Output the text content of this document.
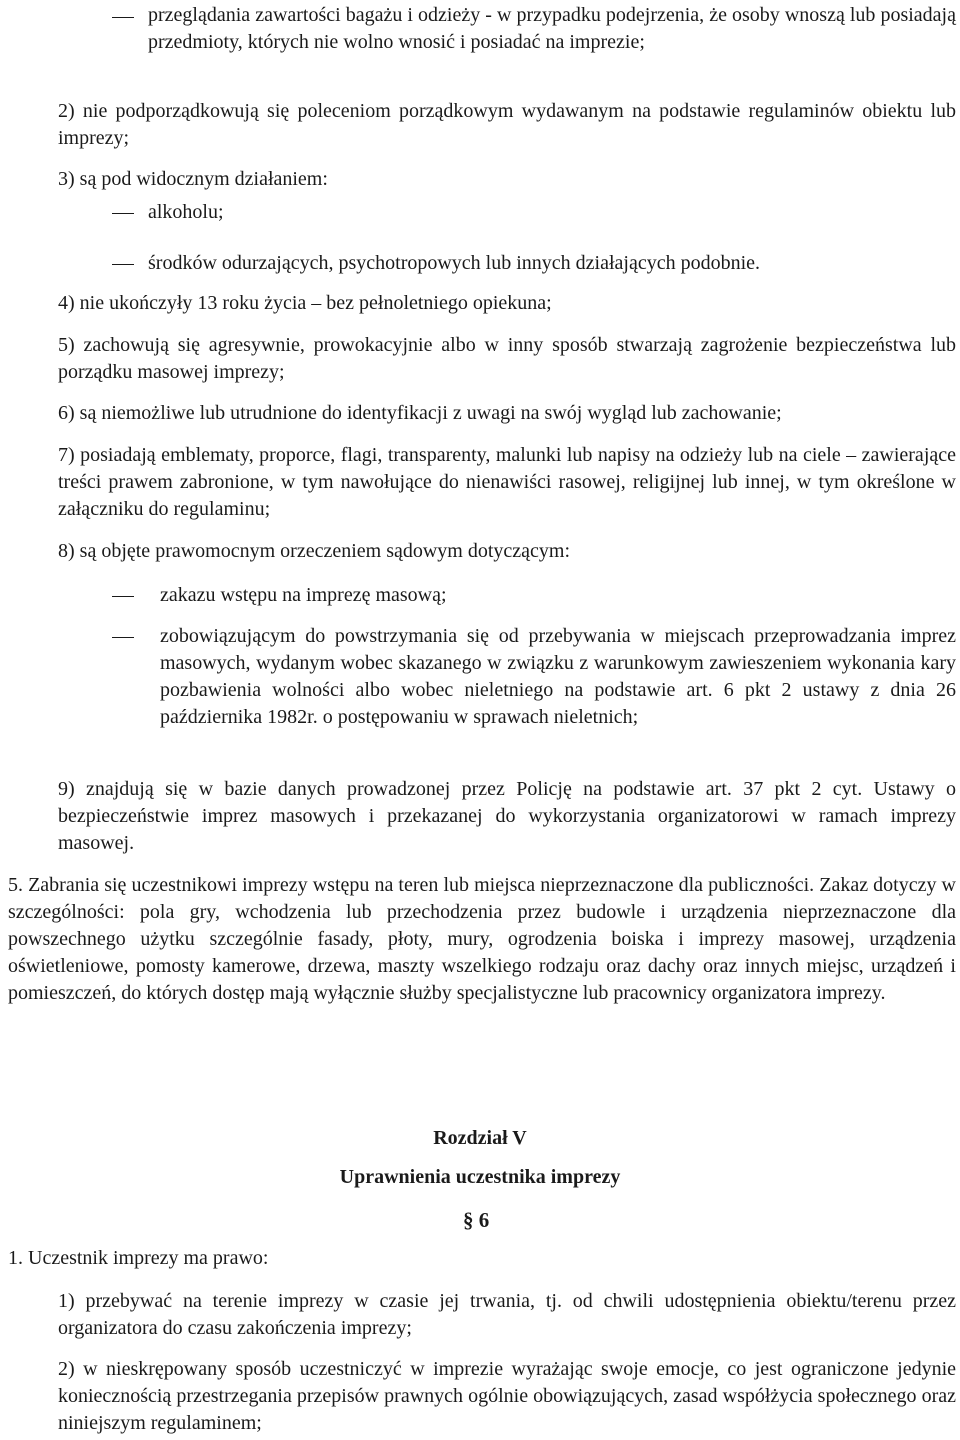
przeglądania zawartości bagażu i odzieży - w przypadku podejrzenia, że osoby wnoszą lub posiadają przedmioty, których nie wolno wnosić i posiadać na imprezie;
2) nie podporządkowują się poleceniom porządkowym wydawanym na podstawie regulaminów obiektu lub imprezy;
3) są pod widocznym działaniem:
alkoholu;
środków odurzających, psychotropowych lub innych działających podobnie.
4) nie ukończyły 13 roku życia – bez pełnoletniego opiekuna;
5) zachowują się agresywnie, prowokacyjnie albo w inny sposób stwarzają zagrożenie bezpieczeństwa lub porządku masowej imprezy;
6) są niemożliwe lub utrudnione do identyfikacji z uwagi na swój wygląd lub zachowanie;
7) posiadają emblematy, proporce, flagi, transparenty, malunki lub napisy na odzieży lub na ciele – zawierające treści prawem zabronione, w tym nawołujące do nienawiści rasowej, religijnej lub innej, w tym określone w załączniku do regulaminu;
8) są objęte prawomocnym orzeczeniem sądowym dotyczącym:
zakazu wstępu na imprezę masową;
zobowiązującym do powstrzymania się od przebywania w miejscach przeprowadzania imprez masowych, wydanym wobec skazanego w związku z warunkowym zawieszeniem wykonania kary pozbawienia wolności albo wobec nieletniego na podstawie art. 6 pkt 2 ustawy z dnia 26 października 1982r. o postępowaniu w sprawach nieletnich;
9) znajdują się w bazie danych prowadzonej przez Policję na podstawie art. 37 pkt 2 cyt. Ustawy o bezpieczeństwie imprez masowych i przekazanej do wykorzystania organizatorowi w ramach imprezy masowej.
5. Zabrania się uczestnikowi imprezy wstępu na teren lub miejsca nieprzeznaczone dla publiczności. Zakaz dotyczy w szczególności: pola gry, wchodzenia lub przechodzenia przez budowle i urządzenia nieprzeznaczone dla powszechnego użytku szczególnie fasady, płoty, mury, ogrodzenia boiska i imprezy masowej, urządzenia oświetleniowe, pomosty kamerowe, drzewa, maszty wszelkiego rodzaju oraz dachy oraz innych miejsc, urządzeń i pomieszczeń, do których dostęp mają wyłącznie służby specjalistyczne lub pracownicy organizatora imprezy.
Rozdział V
Uprawnienia uczestnika imprezy
§ 6
1. Uczestnik imprezy ma prawo:
1) przebywać na terenie imprezy w czasie jej trwania, tj. od chwili udostępnienia obiektu/terenu przez organizatora do czasu zakończenia imprezy;
2) w nieskrępowany sposób uczestniczyć w imprezie wyrażając swoje emocje, co jest ograniczone jedynie koniecznością przestrzegania przepisów prawnych ogólnie obowiązujących, zasad współżycia społecznego oraz niniejszym regulaminem;
